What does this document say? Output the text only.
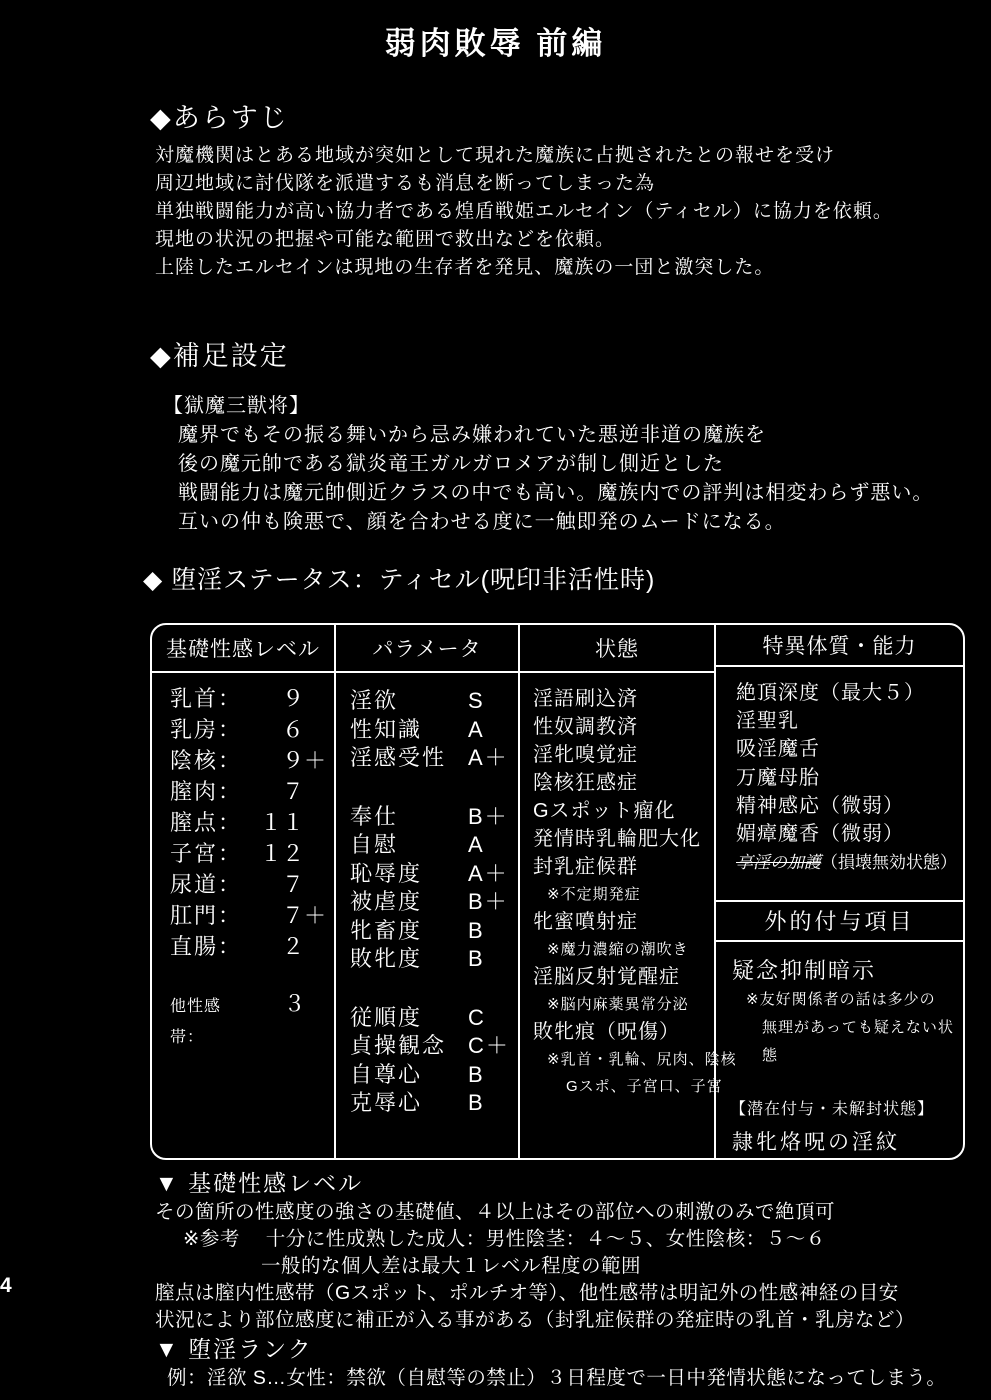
弱肉敗辱 前編
◆あらすじ
対魔機関はとある地域が突如として現れた魔族に占拠されたとの報せを受け
周辺地域に討伐隊を派遣するも消息を断ってしまった為
単独戦闘能力が高い協力者である煌盾戦姫エルセイン（ティセル）に協力を依頼。
現地の状況の把握や可能な範囲で救出などを依頼。
上陸したエルセインは現地の生存者を発見、魔族の一団と激突した。
◆補足設定
【獄魔三獣将】
魔界でもその振る舞いから忌み嫌われていた悪逆非道の魔族を
後の魔元帥である獄炎竜王ガルガロメアが制し側近とした
戦闘能力は魔元帥側近クラスの中でも高い。魔族内での評判は相変わらず悪い。
互いの仲も険悪で、顔を合わせる度に一触即発のムードになる。
◆ 堕淫ステータス：ティセル(呪印非活性時)
基礎性感レベル
乳首：	９
乳房：	６
陰核：	９ ＋
膣肉：	７
膣点： １１
子宮： １２
尿道：	７
肛門：	７ ＋
直腸：	２
他性感帯：
３
パラメータ
淫欲	S
性知識	A
淫感受性 A＋
奉仕	B＋
自慰	A
恥辱度	A＋
被虐度	B＋
牝畜度	B
敗牝度	B
従順度	C
貞操観念 C＋
自尊心	B
克辱心	B
状態
淫語刷込済
性奴調教済
淫牝嗅覚症
陰核狂感症
Gスポット瘤化
発情時乳輪肥大化
封乳症候群
※不定期発症
牝蜜噴射症
※魔力濃縮の潮吹き
淫脳反射覚醒症
※脳内麻薬異常分泌
敗牝痕（呪傷）
※乳首・乳輪、尻肉、陰核
Gスポ、子宮口、子宮
特異体質・能力
絶頂深度（最大５）
淫聖乳
吸淫魔舌
万魔母胎
精神感応（微弱）
媚瘴魔香（微弱）
享淫の加護（損壊無効状態）
外的付与項目
疑念抑制暗示
※友好関係者の話は多少の
無理があっても疑えない状態
【潜在付与・未解封状態】
隷牝烙呪の淫紋
▼ 基礎性感レベル
その箇所の性感度の強さの基礎値、４以上はその部位への刺激のみで絶頂可
※参考　 十分に性成熟した成人：男性陰茎：４～５、女性陰核：５～６
一般的な個人差は最大１レベル程度の範囲
膣点は膣内性感帯（Gスポット、ポルチオ等）、他性感帯は明記外の性感神経の目安
状況により部位感度に補正が入る事がある（封乳症候群の発症時の乳首・乳房など）
▼ 堕淫ランク
例：淫欲 S…女性：禁欲（自慰等の禁止）３日程度で一日中発情状態になってしまう。
4
